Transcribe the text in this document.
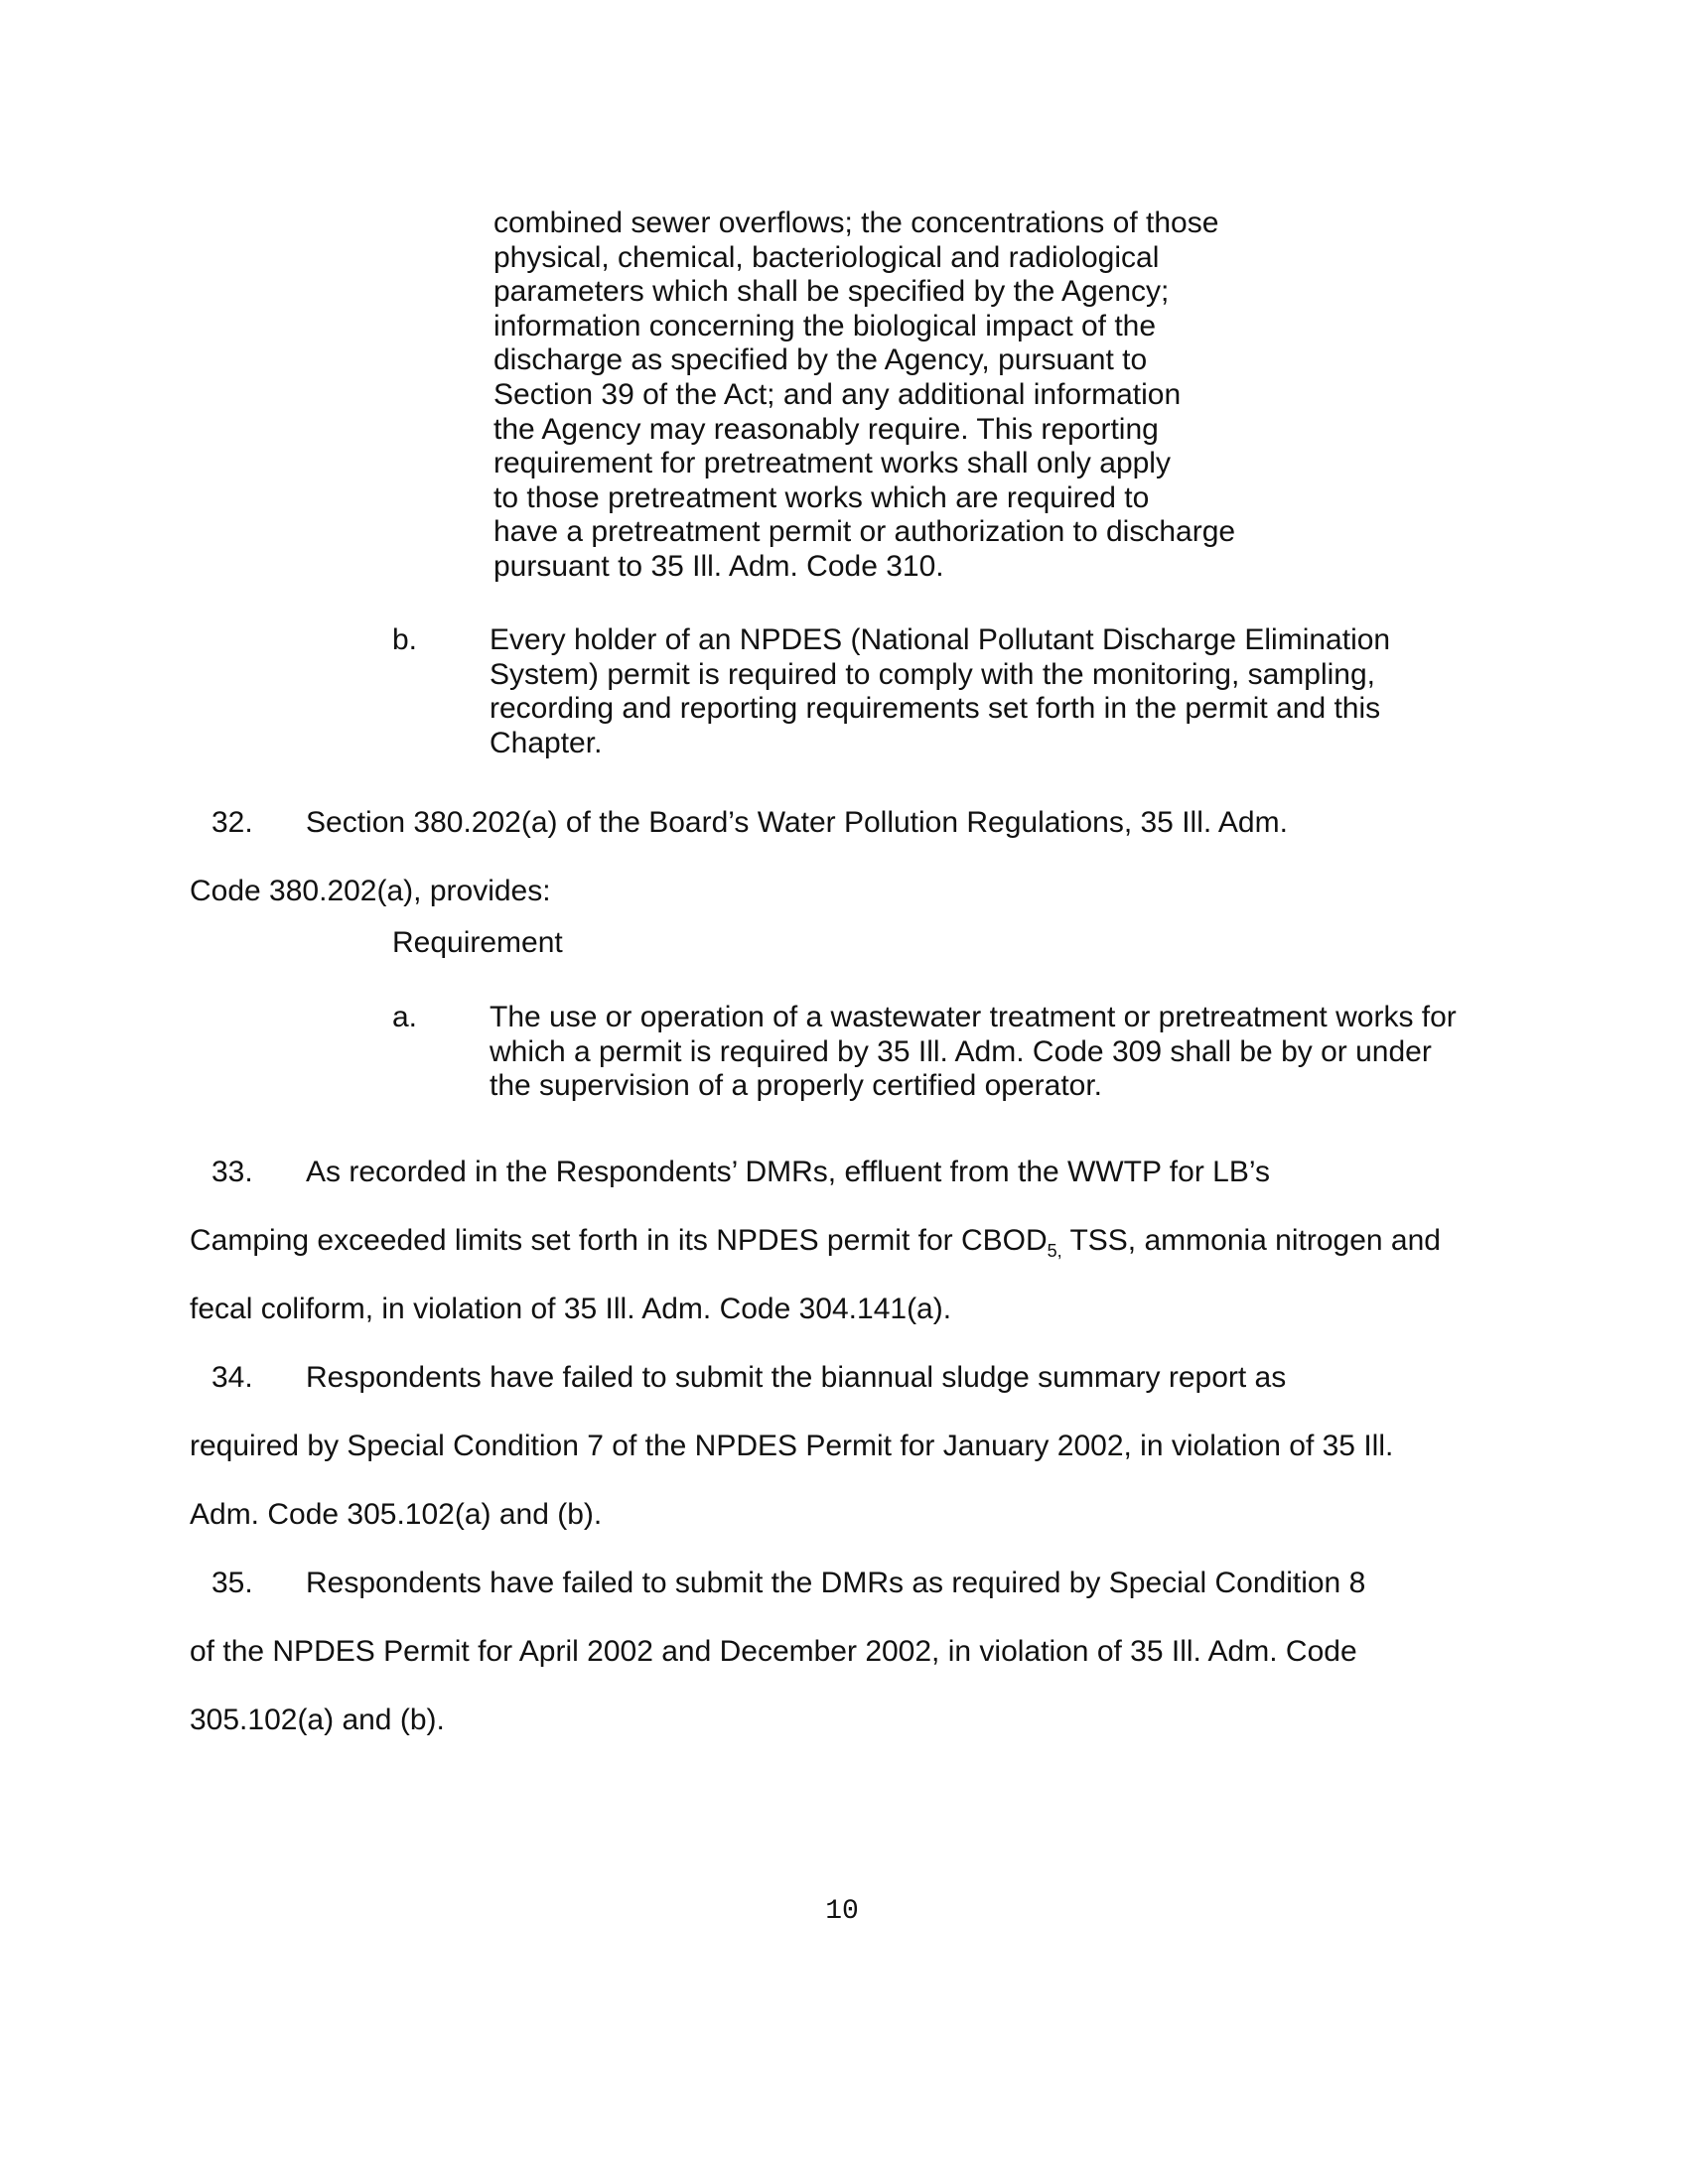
combined sewer overflows; the concentrations of those
physical, chemical, bacteriological and radiological
parameters which shall be specified by the Agency;
information concerning the biological impact of the
discharge as specified by the Agency, pursuant to
Section 39 of the Act; and any additional information
the Agency may reasonably require. This reporting
requirement for pretreatment works shall only apply
to those pretreatment works which are required to
have a pretreatment permit or authorization to discharge
pursuant to 35 Ill. Adm. Code 310.
b. Every holder of an NPDES (National Pollutant Discharge Elimination
System) permit is required to comply with the monitoring, sampling,
recording and reporting requirements set forth in the permit and this
Chapter.
32. Section 380.202(a) of the Board’s Water Pollution Regulations, 35 Ill. Adm.
Code 380.202(a), provides:
Requirement
a. The use or operation of a wastewater treatment or pretreatment works for
which a permit is required by 35 Ill. Adm. Code 309 shall be by or under
the supervision of a properly certified operator.
33. As recorded in the Respondents’ DMRs, effluent from the WWTP for LB’s
Camping exceeded limits set forth in its NPDES permit for $CBOD_{5,}$ TSS, ammonia nitrogen and
fecal coliform, in violation of 35 Ill. Adm. Code 304.141(a).
34. Respondents have failed to submit the biannual sludge summary report as
required by Special Condition 7 of the NPDES Permit for January 2002, in violation of 35 Ill.
Adm. Code 305.102(a) and (b).
35. Respondents have failed to submit the DMRs as required by Special Condition 8
of the NPDES Permit for April 2002 and December 2002, in violation of 35 Ill. Adm. Code
305.102(a) and (b).
10
